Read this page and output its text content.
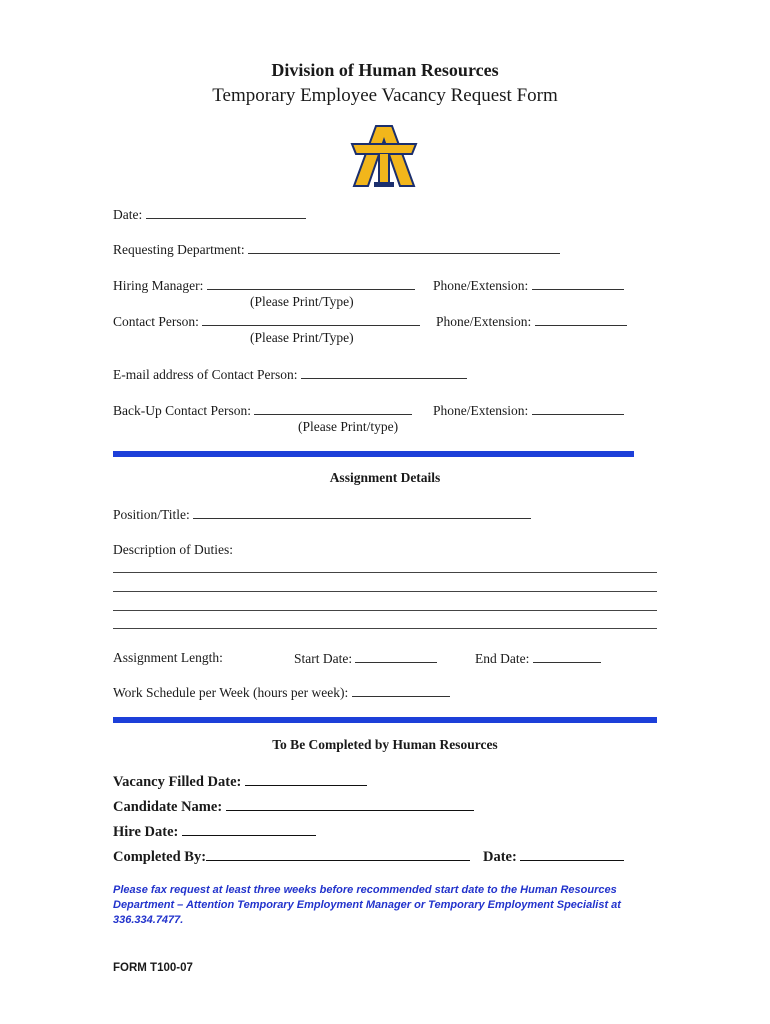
Division of Human Resources
Temporary Employee Vacancy Request Form
Date:
Requesting Department:
Hiring Manager:	Phone/Extension:
(Please Print/Type)
Contact Person:	Phone/Extension:
(Please Print/Type)
E-mail address of Contact Person:
Back-Up Contact Person:	Phone/Extension:
(Please Print/type)
Assignment Details
Position/Title:
Description of Duties:
Assignment Length:	Start Date:	End Date:
Work Schedule per Week (hours per week):
To Be Completed by Human Resources
Vacancy Filled Date:
Candidate Name:
Hire Date:
Completed By:	Date:
Please fax request at least three weeks before recommended start date to the Human Resources Department – Attention Temporary Employment Manager or Temporary Employment Specialist at 336.334.7477.
FORM T100-07
